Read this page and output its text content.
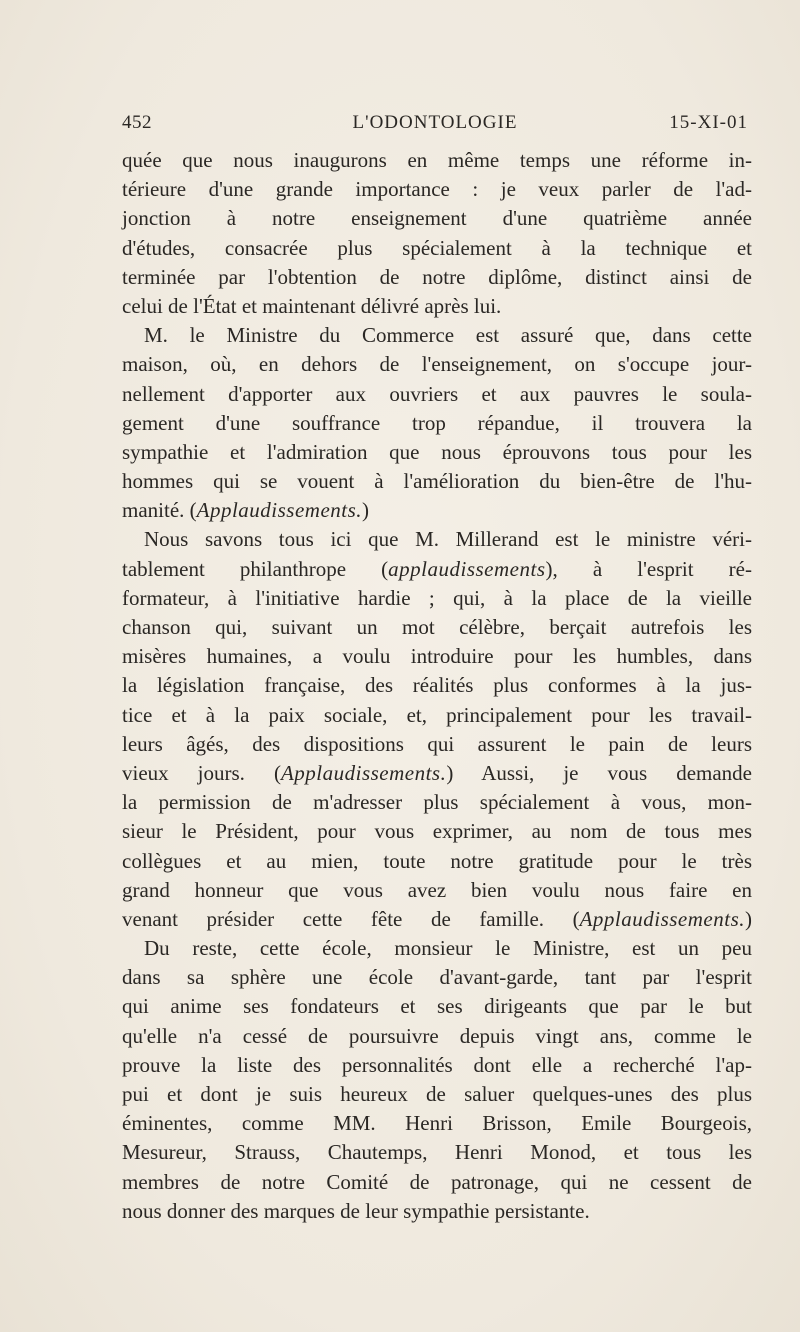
L'ODONTOLOGIE
452	15-XI-01
quée que nous inaugurons en même temps une réforme in-
térieure d'une grande importance : je veux parler de l'ad-
jonction à notre enseignement d'une quatrième année
d'études, consacrée plus spécialement à la technique et
terminée par l'obtention de notre diplôme, distinct ainsi de
celui de l'État et maintenant délivré après lui.
M. le Ministre du Commerce est assuré que, dans cette
maison, où, en dehors de l'enseignement, on s'occupe jour-
nellement d'apporter aux ouvriers et aux pauvres le soula-
gement d'une souffrance trop répandue, il trouvera la
sympathie et l'admiration que nous éprouvons tous pour les
hommes qui se vouent à l'amélioration du bien-être de l'hu-
manité. (Applaudissements.)
Nous savons tous ici que M. Millerand est le ministre véri-
tablement philanthrope (applaudissements), à l'esprit ré-
formateur, à l'initiative hardie ; qui, à la place de la vieille
chanson qui, suivant un mot célèbre, berçait autrefois les
misères humaines, a voulu introduire pour les humbles, dans
la législation française, des réalités plus conformes à la jus-
tice et à la paix sociale, et, principalement pour les travail-
leurs âgés, des dispositions qui assurent le pain de leurs
vieux jours. (Applaudissements.) Aussi, je vous demande
la permission de m'adresser plus spécialement à vous, mon-
sieur le Président, pour vous exprimer, au nom de tous mes
collègues et au mien, toute notre gratitude pour le très
grand honneur que vous avez bien voulu nous faire en
venant présider cette fête de famille. (Applaudissements.)
Du reste, cette école, monsieur le Ministre, est un peu
dans sa sphère une école d'avant-garde, tant par l'esprit
qui anime ses fondateurs et ses dirigeants que par le but
qu'elle n'a cessé de poursuivre depuis vingt ans, comme le
prouve la liste des personnalités dont elle a recherché l'ap-
pui et dont je suis heureux de saluer quelques-unes des plus
éminentes, comme MM. Henri Brisson, Emile Bourgeois,
Mesureur, Strauss, Chautemps, Henri Monod, et tous les
membres de notre Comité de patronage, qui ne cessent de
nous donner des marques de leur sympathie persistante.
